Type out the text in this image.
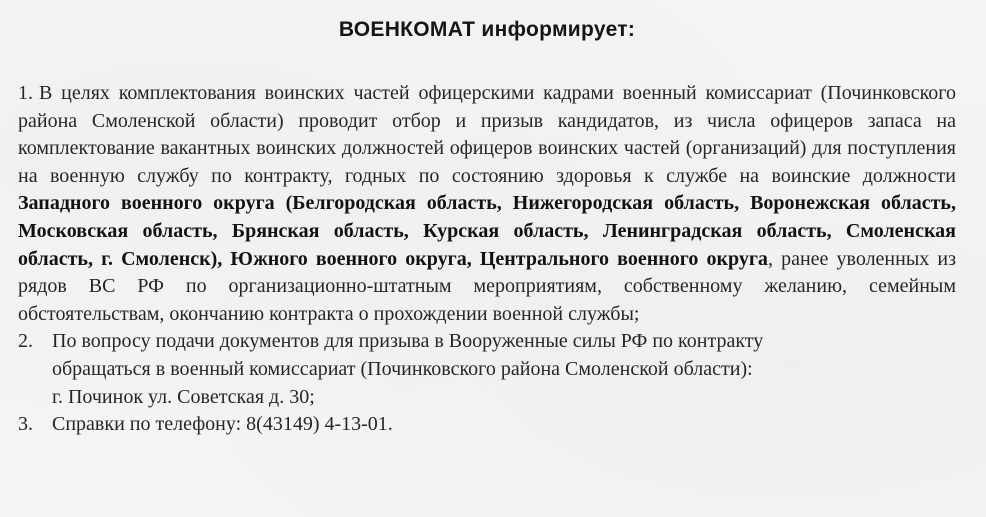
ВОЕНКОМАТ информирует:

1. В целях комплектования воинских частей офицерскими кадрами военный комиссариат (Починковского района Смоленской области) проводит отбор и призыв кандидатов, из числа офицеров запаса на комплектование вакантных воинских должностей офицеров воинских частей (организаций) для поступления на военную службу по контракту, годных по состоянию здоровья к службе на воинские должности Западного военного округа (Белгородская область, Нижегородская область, Воронежская область, Московская область, Брянская область, Курская область, Ленинградская область, Смоленская область, г. Смоленск), Южного военного округа, Центрального военного округа, ранее уволенных из рядов ВС РФ по организационно-штатным мероприятиям, собственному желанию, семейным обстоятельствам, окончанию контракта о прохождении военной службы;

2. По вопросу подачи документов для призыва в Вооруженные силы РФ по контракту
обращаться в военный комиссариат (Починковского района Смоленской области):
г. Починок ул. Советская д. 30;
3. Справки по телефону: 8(43149) 4-13-01.
